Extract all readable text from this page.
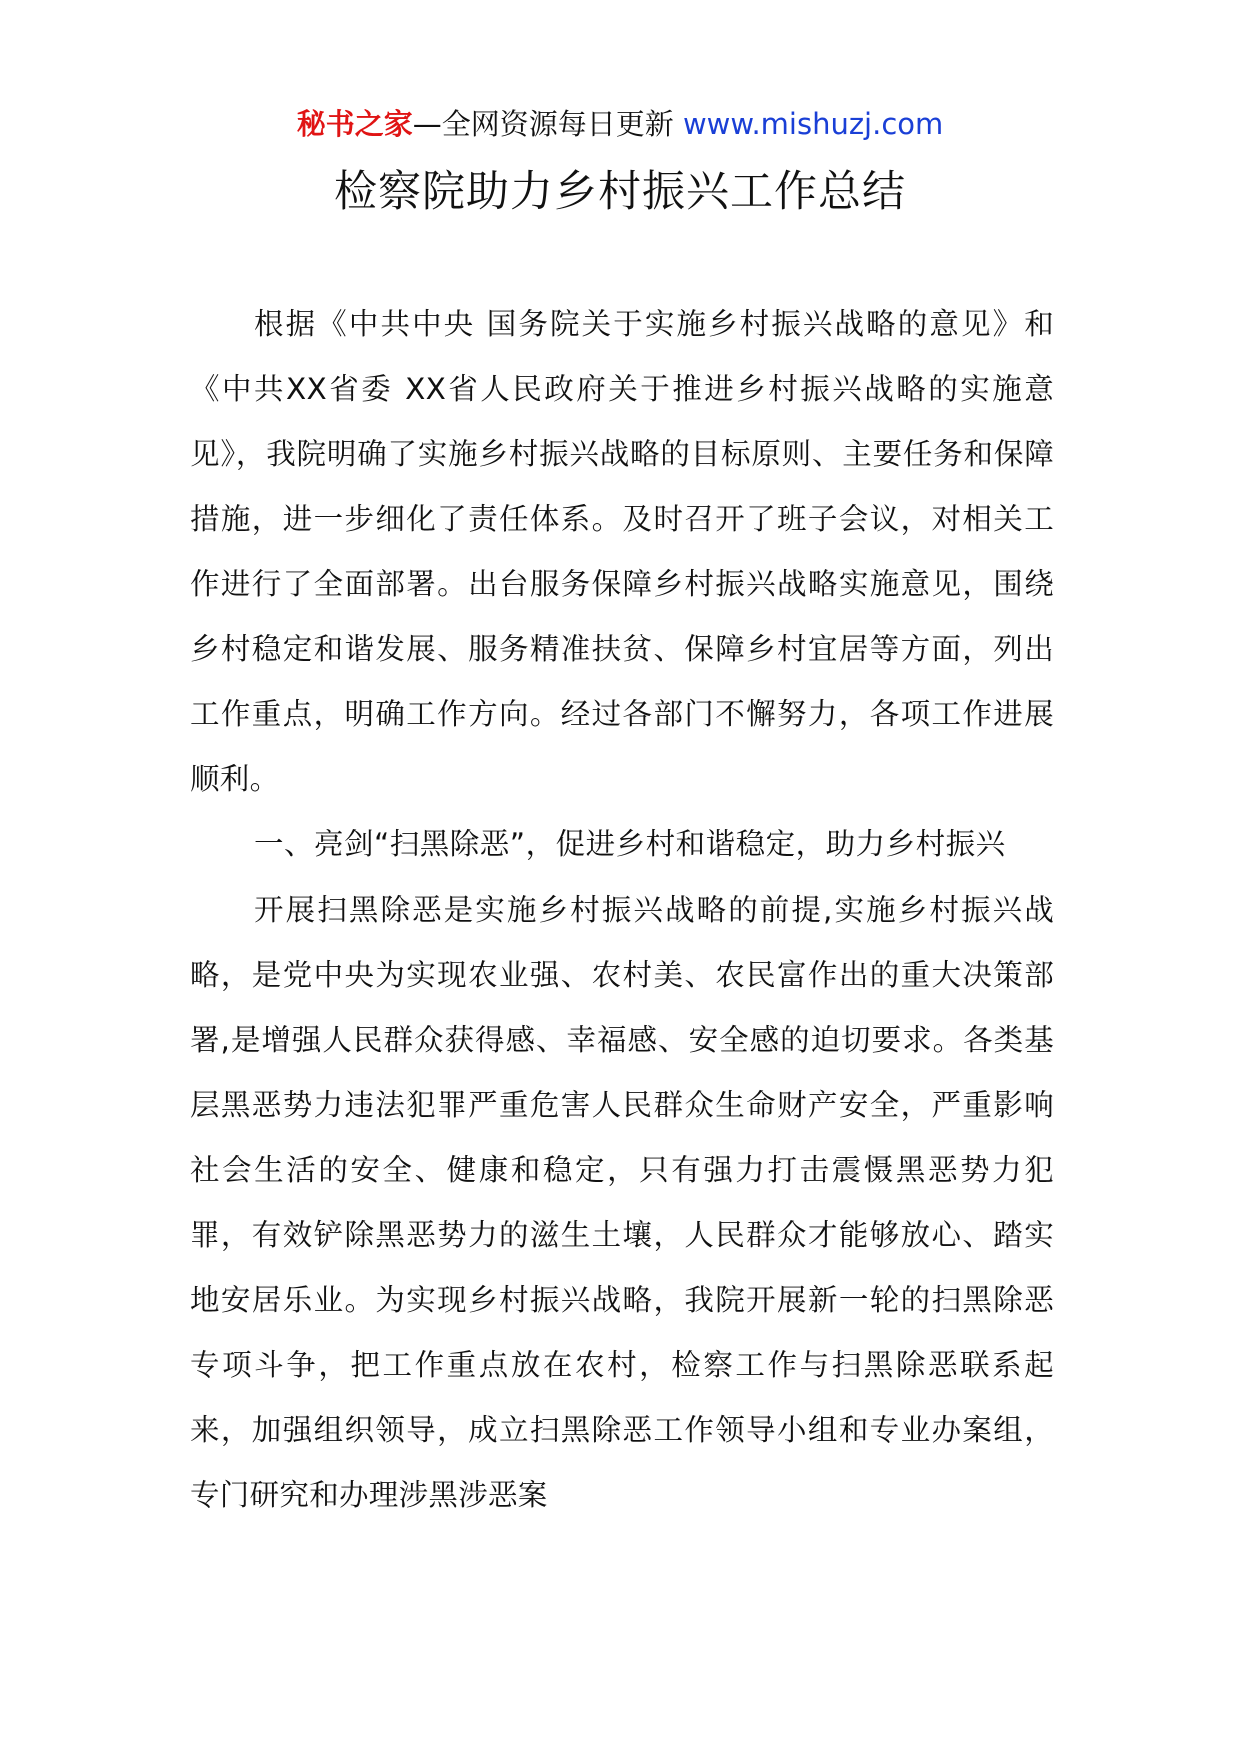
秘书之家—全网资源每日更新 www.mishuzj.com
检察院助力乡村振兴工作总结

根据《中共中央 国务院关于实施乡村振兴战略的意见》和《中共XX省委 XX省人民政府关于推进乡村振兴战略的实施意见》，我院明确了实施乡村振兴战略的目标原则、主要任务和保障措施，进一步细化了责任体系。及时召开了班子会议，对相关工作进行了全面部署。出台服务保障乡村振兴战略实施意见，围绕乡村稳定和谐发展、服务精准扶贫、保障乡村宜居等方面，列出工作重点，明确工作方向。经过各部门不懈努力，各项工作进展顺利。

一、亮剑“扫黑除恶”，促进乡村和谐稳定，助力乡村振兴

开展扫黑除恶是实施乡村振兴战略的前提,实施乡村振兴战略，是党中央为实现农业强、农村美、农民富作出的重大决策部署,是增强人民群众获得感、幸福感、安全感的迫切要求。各类基层黑恶势力违法犯罪严重危害人民群众生命财产安全，严重影响社会生活的安全、健康和稳定，只有强力打击震慑黑恶势力犯罪，有效铲除黑恶势力的滋生土壤，人民群众才能够放心、踏实地安居乐业。为实现乡村振兴战略，我院开展新一轮的扫黑除恶专项斗争，把工作重点放在农村，检察工作与扫黑除恶联系起来，加强组织领导，成立扫黑除恶工作领导小组和专业办案组，专门研究和办理涉黑涉恶案
